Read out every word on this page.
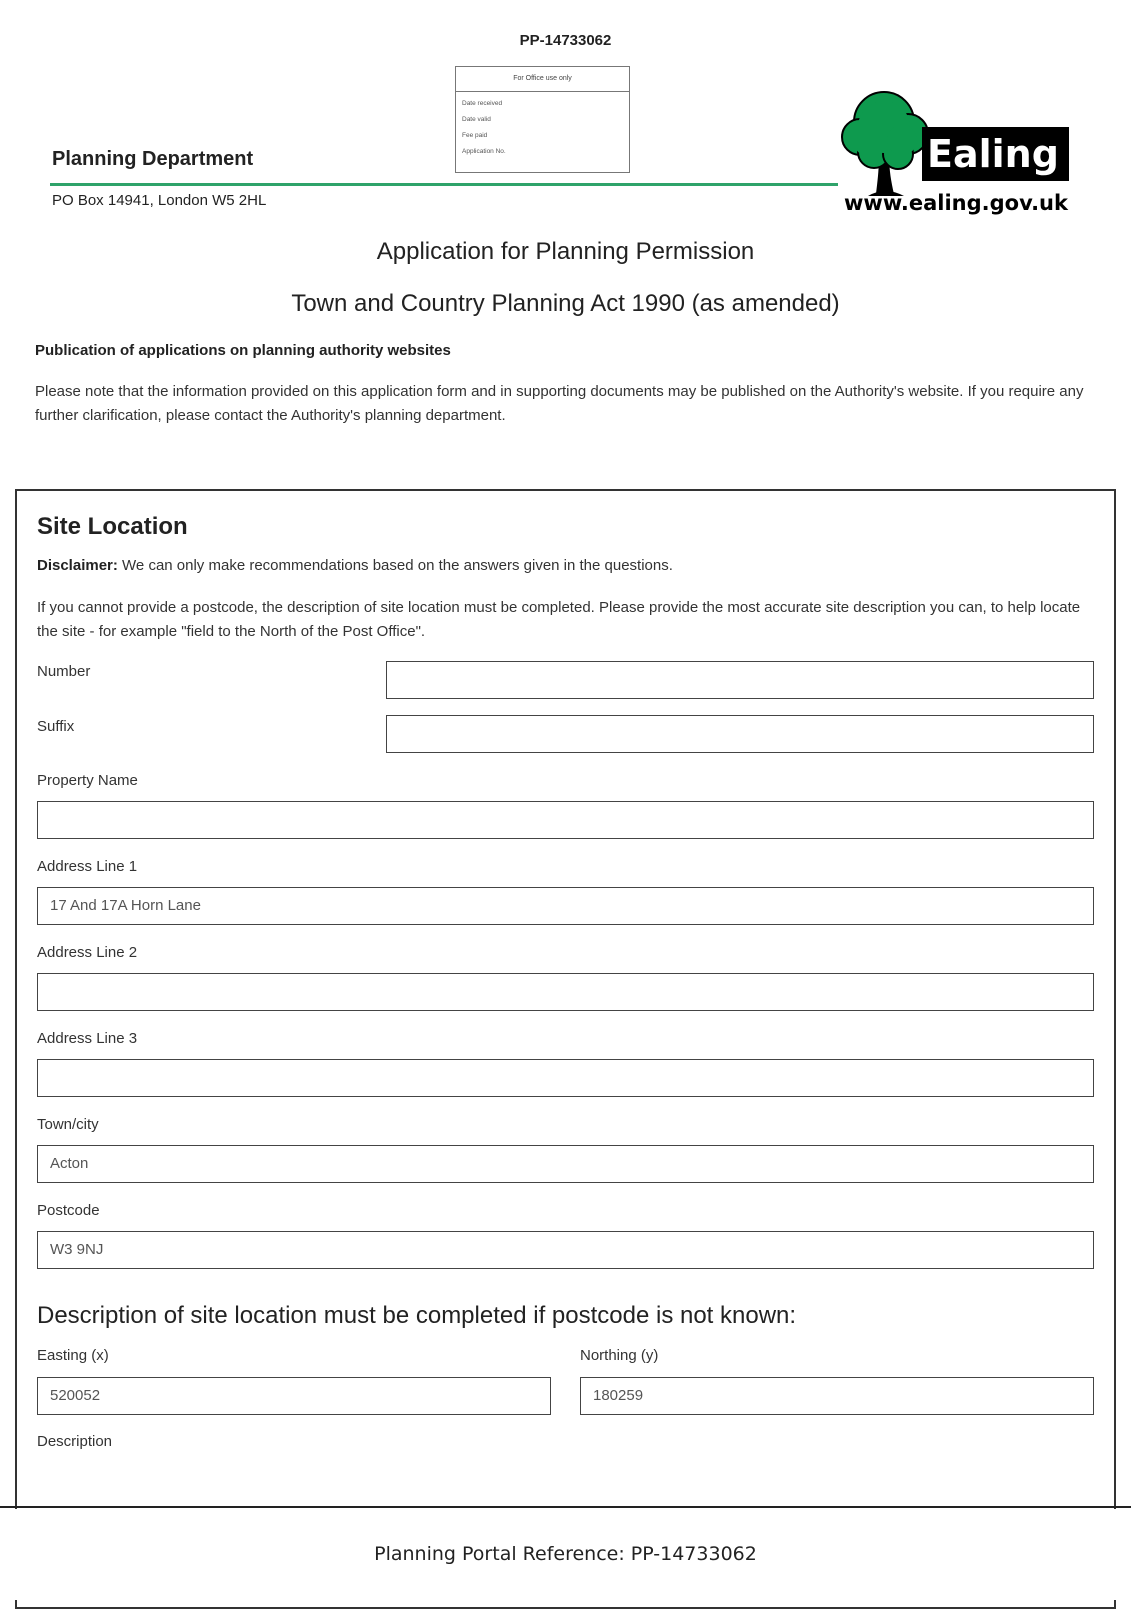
PP-14733062
For Office use only
Date received
Date valid
Fee paid
Application No.
Planning Department
PO Box 14941, London W5 2HL
Ealing
www.ealing.gov.uk
Application for Planning Permission
Town and Country Planning Act 1990 (as amended)
Publication of applications on planning authority websites
Please note that the information provided on this application form and in supporting documents may be published on the Authority's website. If you require any further clarification, please contact the Authority's planning department.
Site Location
Disclaimer: We can only make recommendations based on the answers given in the questions.
If you cannot provide a postcode, the description of site location must be completed. Please provide the most accurate site description you can, to help locate the site - for example "field to the North of the Post Office".
Number
Suffix
Property Name
Address Line 1
17 And 17A Horn Lane
Address Line 2
Address Line 3
Town/city
Acton
Postcode
W3 9NJ
Description of site location must be completed if postcode is not known:
Easting (x)
520052
Northing (y)
180259
Description
Planning Portal Reference: PP-14733062
